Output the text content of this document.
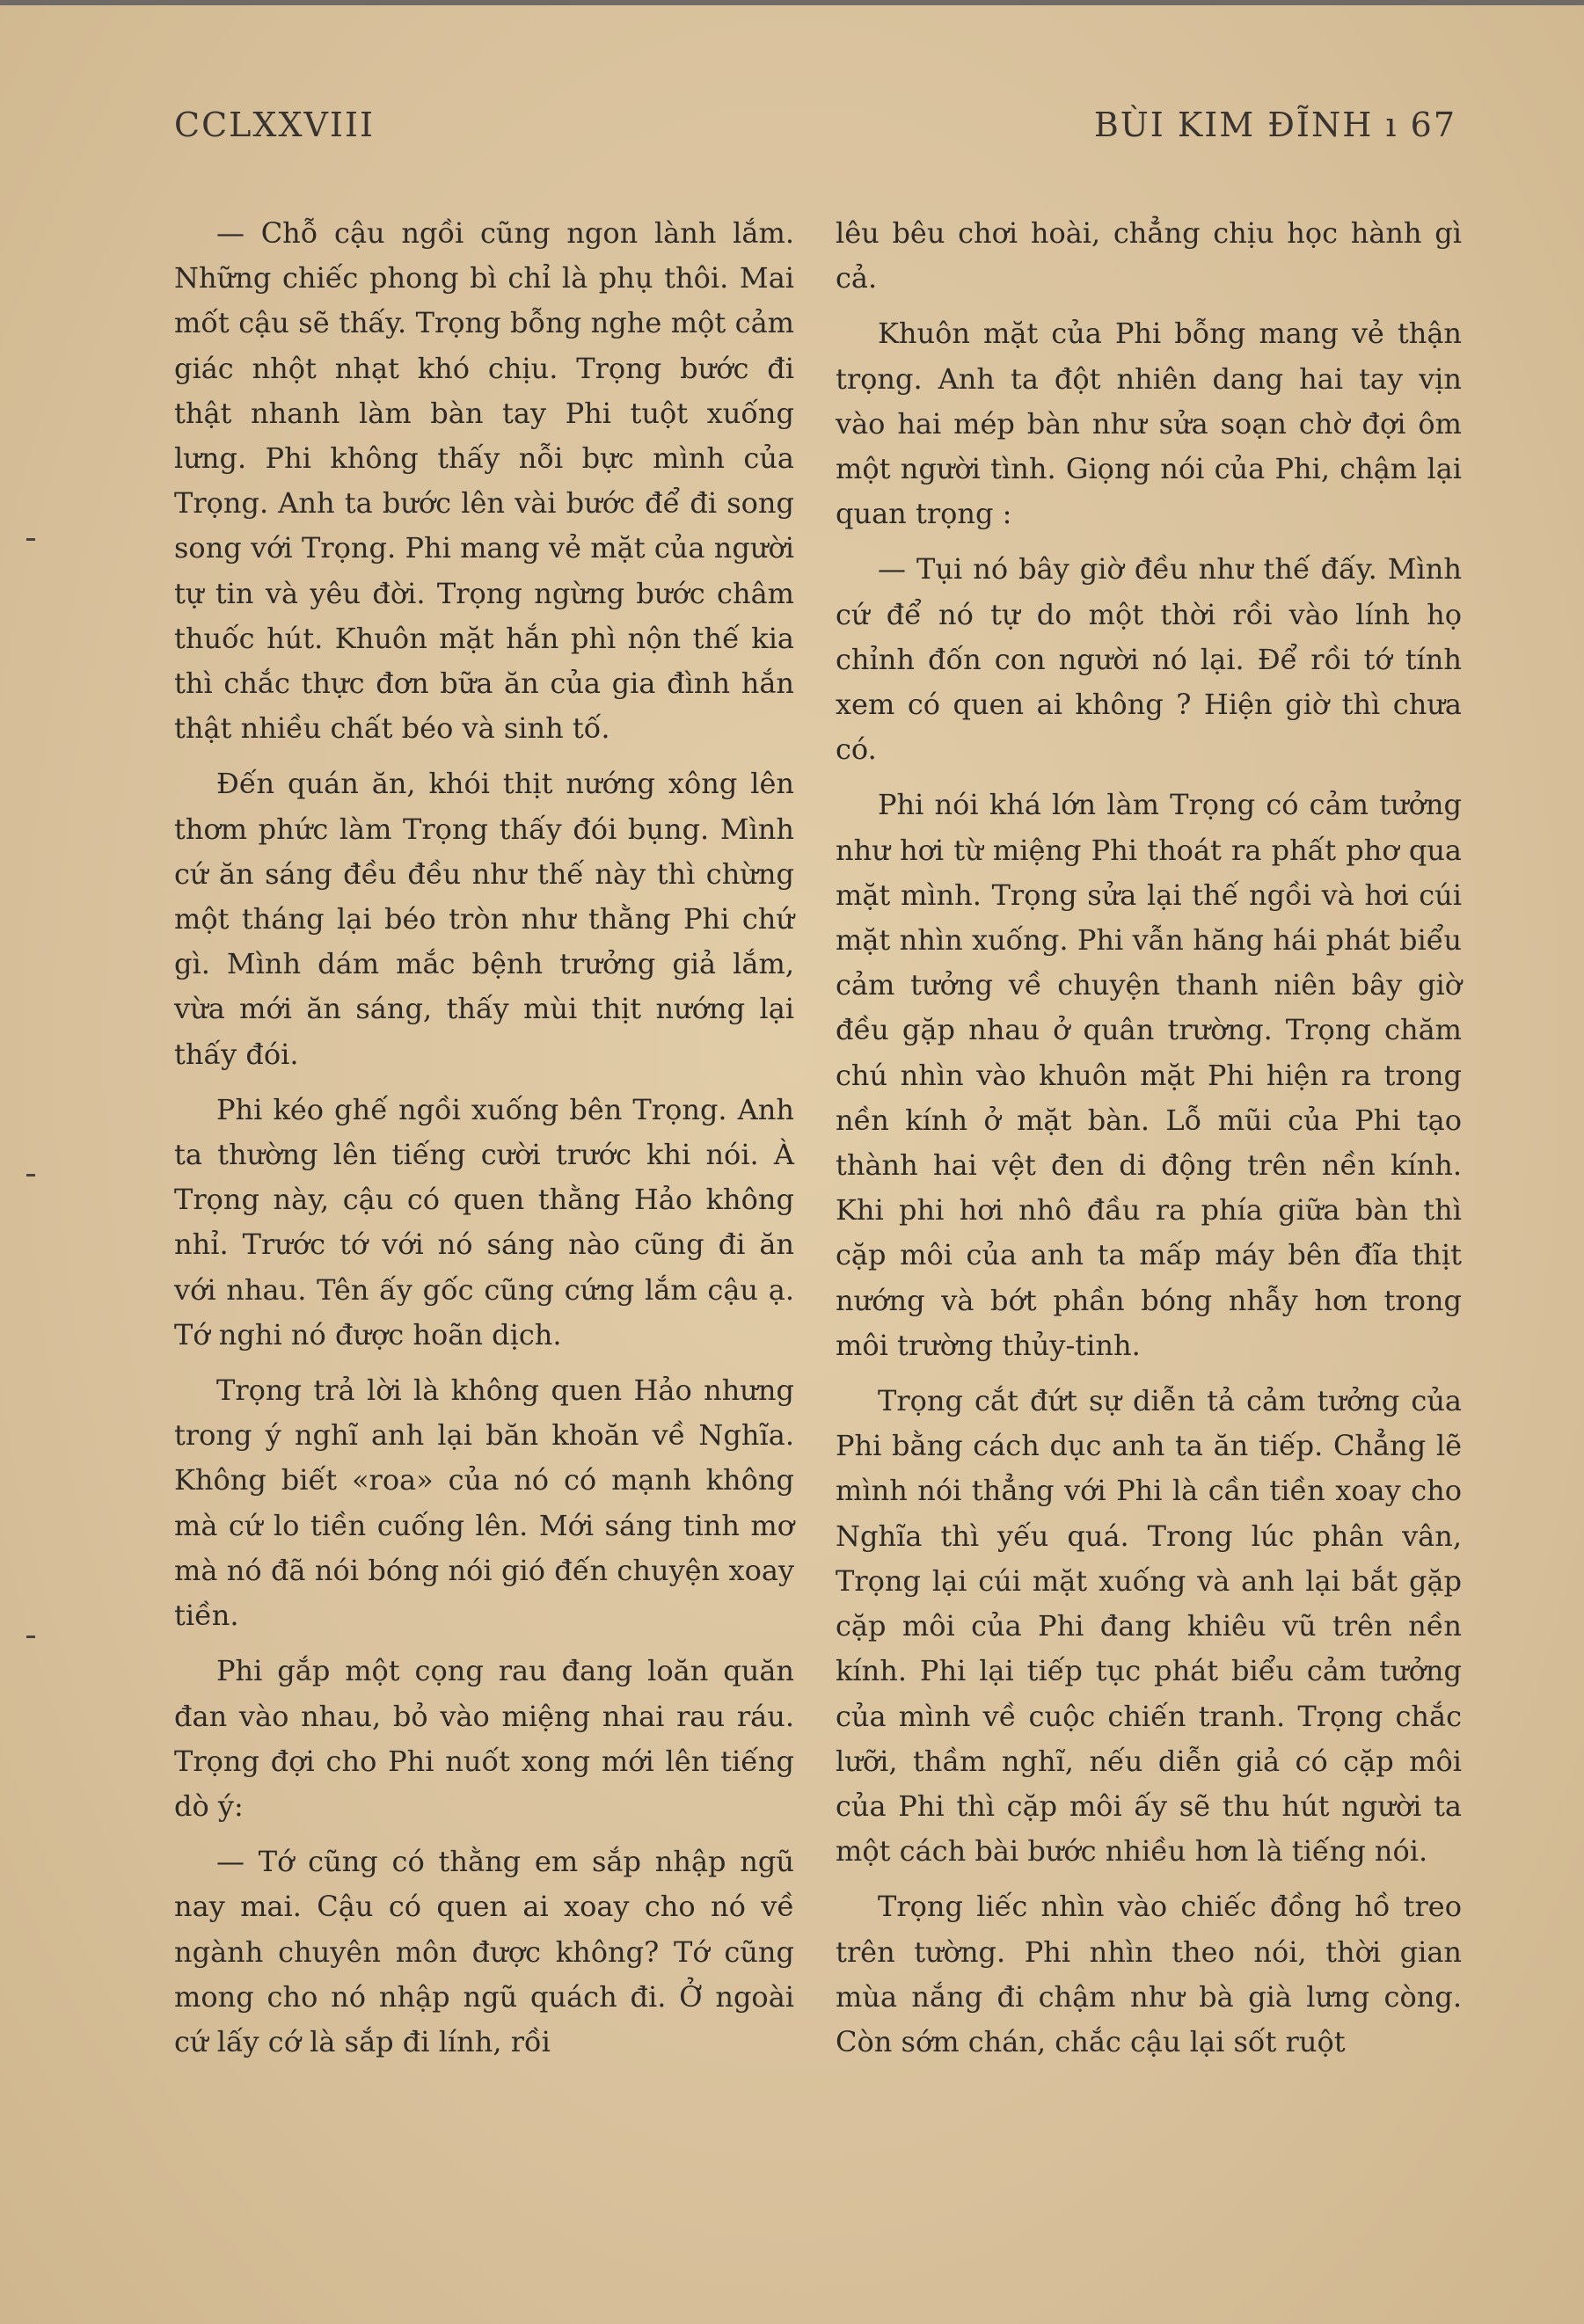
CCLXXVIII	BÙI KIM ĐĨNH ı 67

— Chỗ cậu ngồi cũng ngon lành lắm. Những chiếc phong bì chỉ là phụ thôi. Mai mốt cậu sẽ thấy. Trọng bỗng nghe một cảm giác nhột nhạt khó chịu. Trọng bước đi thật nhanh làm bàn tay Phi tuột xuống lưng. Phi không thấy nỗi bực mình của Trọng. Anh ta bước lên vài bước để đi song song với Trọng. Phi mang vẻ mặt của người tự tin và yêu đời. Trọng ngừng bước châm thuốc hút. Khuôn mặt hắn phì nộn thế kia thì chắc thực đơn bữa ăn của gia đình hắn thật nhiều chất béo và sinh tố.

Đến quán ăn, khói thịt nướng xông lên thơm phức làm Trọng thấy đói bụng. Mình cứ ăn sáng đều đều như thế này thì chừng một tháng lại béo tròn như thằng Phi chứ gì. Mình dám mắc bệnh trưởng giả lắm, vừa mới ăn sáng, thấy mùi thịt nướng lại thấy đói.

Phi kéo ghế ngồi xuống bên Trọng. Anh ta thường lên tiếng cười trước khi nói. À Trọng này, cậu có quen thằng Hảo không nhỉ. Trước tớ với nó sáng nào cũng đi ăn với nhau. Tên ấy gốc cũng cứng lắm cậu ạ. Tớ nghi nó được hoãn dịch.

Trọng trả lời là không quen Hảo nhưng trong ý nghĩ anh lại băn khoăn về Nghĩa. Không biết «roa» của nó có mạnh không mà cứ lo tiền cuống lên. Mới sáng tinh mơ mà nó đã nói bóng nói gió đến chuyện xoay tiền.

Phi gắp một cọng rau đang loăn quăn đan vào nhau, bỏ vào miệng nhai rau ráu. Trọng đợi cho Phi nuốt xong mới lên tiếng dò ý:

— Tớ cũng có thằng em sắp nhập ngũ nay mai. Cậu có quen ai xoay cho nó về ngành chuyên môn được không? Tớ cũng mong cho nó nhập ngũ quách đi. Ở ngoài cứ lấy cớ là sắp đi lính, rồi

lêu bêu chơi hoài, chẳng chịu học hành gì cả.

Khuôn mặt của Phi bỗng mang vẻ thận trọng. Anh ta đột nhiên dang hai tay vịn vào hai mép bàn như sửa soạn chờ đợi ôm một người tình. Giọng nói của Phi, chậm lại quan trọng :

— Tụi nó bây giờ đều như thế đấy. Mình cứ để nó tự do một thời rồi vào lính họ chỉnh đốn con người nó lại. Để rồi tớ tính xem có quen ai không ? Hiện giờ thì chưa có.

Phi nói khá lớn làm Trọng có cảm tưởng như hơi từ miệng Phi thoát ra phất phơ qua mặt mình. Trọng sửa lại thế ngồi và hơi cúi mặt nhìn xuống. Phi vẫn hăng hái phát biểu cảm tưởng về chuyện thanh niên bây giờ đều gặp nhau ở quân trường. Trọng chăm chú nhìn vào khuôn mặt Phi hiện ra trong nền kính ở mặt bàn. Lỗ mũi của Phi tạo thành hai vệt đen di động trên nền kính. Khi phi hơi nhô đầu ra phía giữa bàn thì cặp môi của anh ta mấp máy bên đĩa thịt nướng và bớt phần bóng nhẫy hơn trong môi trường thủy-tinh.

Trọng cắt đứt sự diễn tả cảm tưởng của Phi bằng cách dục anh ta ăn tiếp. Chẳng lẽ mình nói thẳng với Phi là cần tiền xoay cho Nghĩa thì yếu quá. Trong lúc phân vân, Trọng lại cúi mặt xuống và anh lại bắt gặp cặp môi của Phi đang khiêu vũ trên nền kính. Phi lại tiếp tục phát biểu cảm tưởng của mình về cuộc chiến tranh. Trọng chắc lưỡi, thầm nghĩ, nếu diễn giả có cặp môi của Phi thì cặp môi ấy sẽ thu hút người ta một cách bài bước nhiều hơn là tiếng nói.

Trọng liếc nhìn vào chiếc đồng hồ treo trên tường. Phi nhìn theo nói, thời gian mùa nắng đi chậm như bà già lưng còng. Còn sớm chán, chắc cậu lại sốt ruột
